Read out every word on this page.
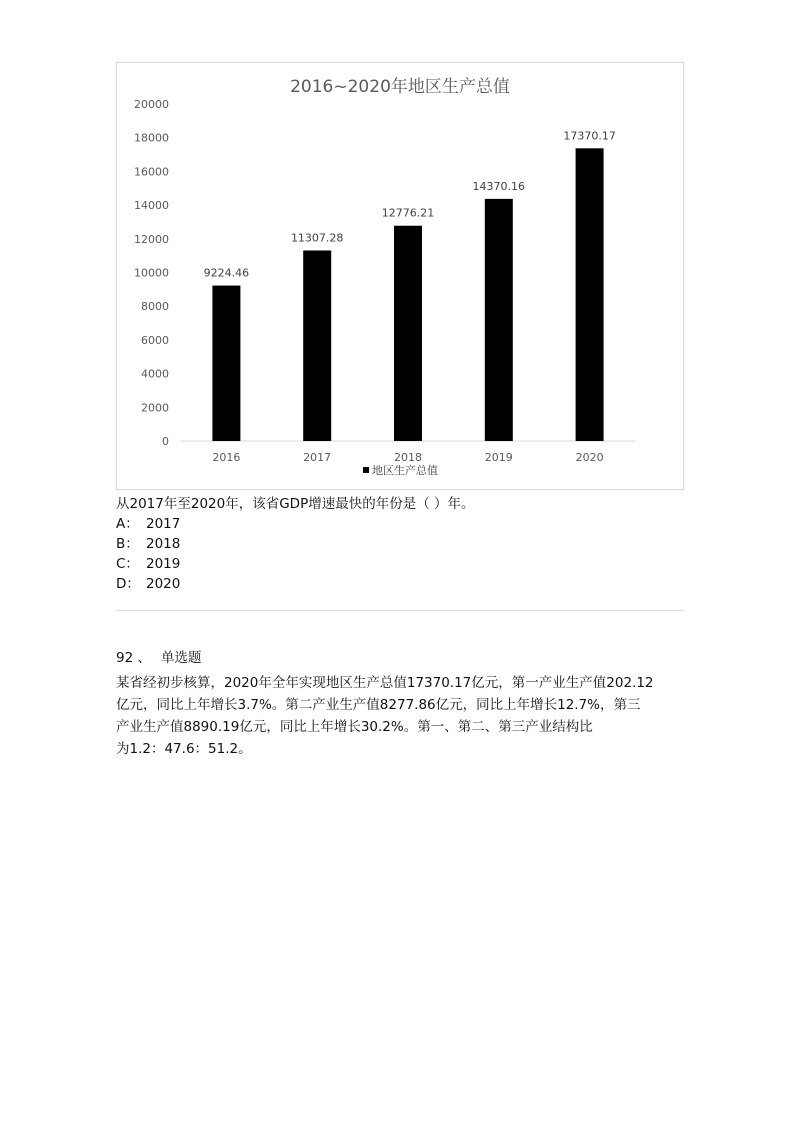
2016~2020年地区生产总值
0
2000
4000
6000
8000
10000
12000
14000
16000
18000
20000
9224.46
2016
11307.28
2017
12776.21
2018
14370.16
2019
17370.17
2020
地区生产总值
从2017年至2020年，该省GDP增速最快的年份是（ ）年。
A： 2017
B： 2018
C： 2019
D： 2020
92 、 单选题
某省经初步核算，2020年全年实现地区生产总值17370.17亿元，第一产业生产值202.12
亿元，同比上年增长3.7%。第二产业生产值8277.86亿元，同比上年增长12.7%，第三
产业生产值8890.19亿元，同比上年增长30.2%。第一、第二、第三产业结构比
为1.2：47.6：51.2。
